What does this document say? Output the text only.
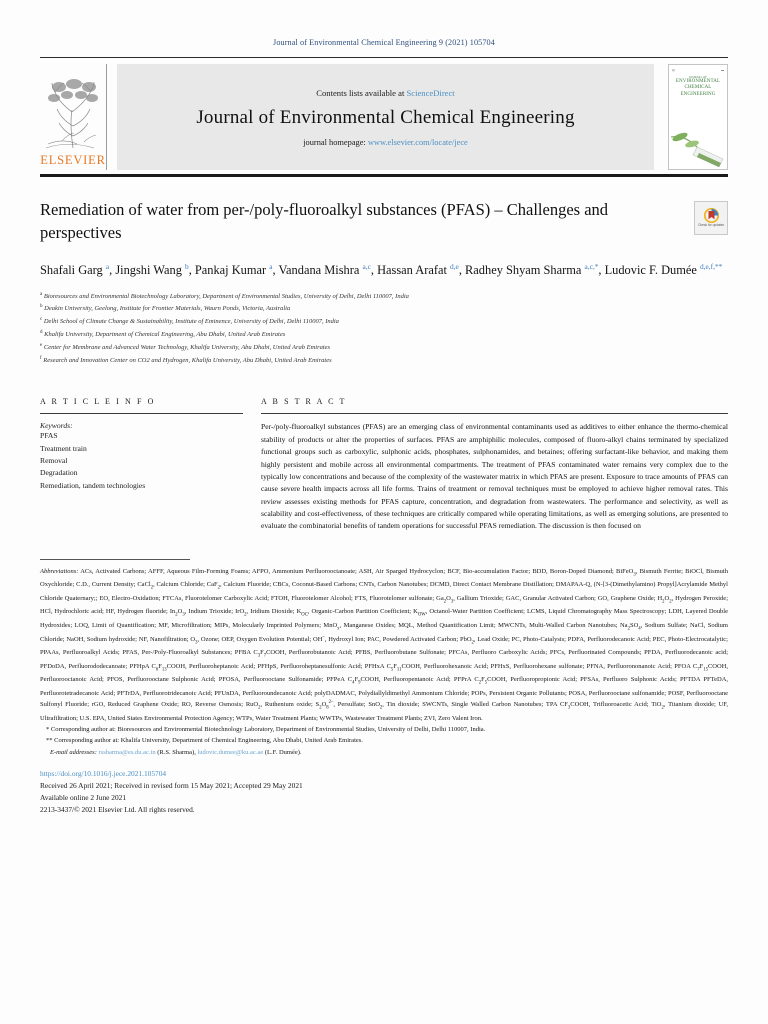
Journal of Environmental Chemical Engineering 9 (2021) 105704
ELSEVIER
Contents lists available at ScienceDirect
Journal of Environmental Chemical Engineering
journal homepage: www.elsevier.com/locate/jece
▤	▬
JOURNAL OF
ENVIRONMENTAL
CHEMICAL
ENGINEERING
Remediation of water from per-/poly-fluoroalkyl substances (PFAS) – Challenges and perspectives	Check for updates
Shafali Garg $^a$, Jingshi Wang $^b$, Pankaj Kumar $^a$, Vandana Mishra $^{a,c}$, Hassan Arafat $^{d,e}$, Radhey Shyam Sharma $^{a,c,*}$, Ludovic F. Dumée $^{d,e,f,**}$
$^a$ Bioresources and Environmental Biotechnology Laboratory, Department of Environmental Studies, University of Delhi, Delhi 110007, India
$^b$ Deakin University, Geelong, Institute for Frontier Materials, Waurn Ponds, Victoria, Australia
$^c$ Delhi School of Climate Change & Sustainability, Institute of Eminence, University of Delhi, Delhi 110007, India
$^d$ Khalifa University, Department of Chemical Engineering, Abu Dhabi, United Arab Emirates
$^e$ Center for Membrane and Advanced Water Technology, Khalifa University, Abu Dhabi, United Arab Emirates
$^f$ Research and Innovation Center on CO2 and Hydrogen, Khalifa University, Abu Dhabi, United Arab Emirates
A R T I C L E I N F O
Keywords:
PFAS
Treatment train
Removal
Degradation
Remediation, tandem technologies
A B S T R A C T
Per-/poly-fluoroalkyl substances (PFAS) are an emerging class of environmental contaminants used as additives to either enhance the thermo-chemical stability of products or alter the properties of surfaces. PFAS are amphiphilic molecules, composed of fluoro-alkyl chains terminated by specialized functional groups such as carboxylic, sulphonic acids, phosphates, sulphonamides, and betaines; offering surfactant-like behavior, and making them highly persistent and mobile across all environmental compartments. The treatment of PFAS contaminated water remains very complex due to the typically low concentrations and because of the complexity of the wastewater matrix in which PFAS are present. Exposure to trace amounts of PFAS can cause severe health impacts across all life forms. Trains of treatment or removal techniques must be employed to achieve higher removal rates. This review assesses existing methods for PFAS capture, concentration, and degradation from wastewaters. The performance and selectivity, as well as scalability and cost-effectiveness, of these techniques are critically compared while operating limitations, as well as emerging solutions, are presented to evaluate the combinatorial benefits of tandem operations for successful PFAS remediation. The discussion is then focused on

Abbreviations: ACs, Activated Carbons; AFFF, Aqueous Film-Forming Foams; AFPO, Ammonium Perfluorooctanoate; ASH, Air Sparged Hydrocyclon; BCF, Bio-accumulation Factor; BDD, Boron-Doped Diamond; BiFeO$_3$, Bismuth Ferrite; BiOCl, Bismuth Oxychloride; C.D., Current Density; CaCl$_2$, Calcium Chloride; CaF$_2$, Calcium Fluoride; CBCs, Coconut-Based Carbons; CNTs, Carbon Nanotubes; DCMD, Direct Contact Membrane Distillation; DMAPAA-Q, (N-[3-(Dimethylamino) Propyl]Acrylamide Methyl Chloride Quaternary;; EO, Electro-Oxidation; FTCAs, Fluorotelomer Carboxylic Acid; FTOH, Fluorotelomer Alcohol; FTS, Fluorotelomer sulfonate; $Ga_2O_3$, Gallium Trioxide; GAC, Granular Activated Carbon; GO, Graphene Oxide; $H_2O_2$, Hydrogen Peroxide; HCl, Hydrochloric acid; HF, Hydrogen fluoride; $In_2O_3$, Indium Trioxide; IrO$_2$, Iridium Dioxide; $K_{OC}$, Organic-Carbon Partition Coefficient; $K_{OW}$, Octanol-Water Partition Coefficient; LCMS, Liquid Chromatography Mass Spectroscopy; LDH, Layered Double Hydroxides; LOQ, Limit of Quantification; MF, Microfiltration; MIPs, Molecularly Imprinted Polymers; MnO$_x$, Manganese Oxides; MQL, Method Quantification Limit; MWCNTs, Multi-Walled Carbon Nanotubes; $Na_2SO_4$, Sodium Sulfate; NaCl, Sodium Chloride; NaOH, Sodium hydroxide; NF, Nanofiltration; $O_3$, Ozone; OEP, Oxygen Evolution Potential; OH–, Hydroxyl Ion; PAC, Powdered Activated Carbon; PbO$_2$, Lead Oxide; PC, Photo-Catalysis; PDFA, Perfluorodecanoic Acid; PEC, Photo-Electrocatalytic; PPAAs, Perfluoroalkyl Acids; PFAS, Per-/Poly-Fluoroalkyl Substances; PFBA $C_3F_7COOH$, Perfluorobutanoic Acid; PFBS, Perfluorobutane Sulfonate; PFCAs, Perfluoro Carboxylic Acids; PFCs, Perfluorinated Compounds; PFDA, Perfluorodecanoic acid; PFDoDA, Perfluorododecanoate; PFHpA $C_6F_{13}COOH$, Perfluoroheptanoic Acid; PFHpS, Perfluoroheptanesulfonic Acid; PFHxA $C_5F_{11}COOH$, Perfluorohexanoic Acid; PFHxS, Perfluorohexane sulfonate; PFNA, Perfluorononanoic Acid; PFOA $C_7F_{15}COOH$, Perfluorooctanoic Acid; PFOS, Perfluorooctane Sulphonic Acid; PFOSA, Perfluorooctane Sulfonamide; PFPeA $C_4F_9COOH$, Perfluoropentanoic Acid; PFPrA $C_2F_5COOH$, Perfluoropropionic Acid; PFSAs, Perfluoro Sulphonic Acids; PFTDA PFTeDA, Perfluorotetradecanoic Acid; PFTrDA, Perfluorotridecanoic Acid; PFUnDA, Perfluoroundecanoic Acid; polyDADMAC, Polydiallyldimethyl Ammonium Chloride; POPs, Persistent Organic Pollutants; POSA, Perfluorooctane sulfonamide; POSF, Perfluorooctane Sulfonyl Fluoride; rGO, Reduced Graphene Oxide; RO, Reverse Osmosis; RuO$_2$, Ruthenium oxide; $S_2O_8^{2-}$, Persulfate; SnO$_2$, Tin dioxide; SWCNTs, Single Walled Carbon Nanotubes; TPA $CF_3COOH$, Trifluoroacetic Acid; TiO$_2$, Titanium dioxide; UF, Ultrafiltration; U.S. EPA, United States Environmental Protection Agency; WTPs, Water Treatment Plants; WWTPs, Wastewater Treatment Plants; ZVI, Zero Valent Iron.

* Corresponding author at: Bioresources and Environmental Biotechnology Laboratory, Department of Environmental Studies, University of Delhi, Delhi 110007, India.

** Corresponding author at: Khalifa University, Department of Chemical Engineering, Abu Dhabi, United Arab Emirates.

E-mail addresses: rssharma@es.du.ac.in (R.S. Sharma), ludovic.dumee@ku.ac.ae (L.F. Dumée).

https://doi.org/10.1016/j.jece.2021.105704
Received 26 April 2021; Received in revised form 15 May 2021; Accepted 29 May 2021
Available online 2 June 2021
2213-3437/© 2021 Elsevier Ltd. All rights reserved.
